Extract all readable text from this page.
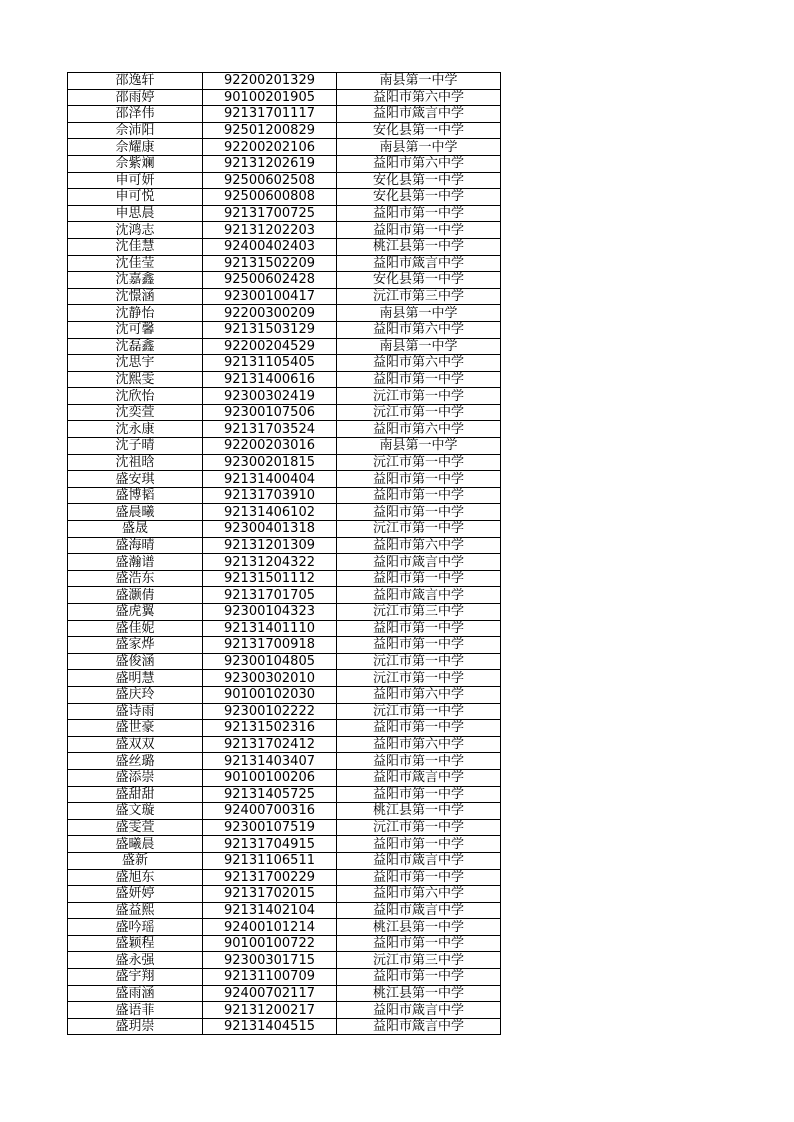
邵逸轩	92200201329	南县第一中学
邵雨婷	90100201905	益阳市第六中学
邵泽伟	92131701117	益阳市箴言中学
佘沛阳	92501200829	安化县第一中学
佘耀康	92200202106	南县第一中学
佘紫斓	92131202619	益阳市第六中学
申可妍	92500602508	安化县第一中学
申可悦	92500600808	安化县第一中学
申思晨	92131700725	益阳市第一中学
沈鸿志	92131202203	益阳市第一中学
沈佳慧	92400402403	桃江县第一中学
沈佳莹	92131502209	益阳市箴言中学
沈嘉鑫	92500602428	安化县第一中学
沈憬涵	92300100417	沅江市第三中学
沈静怡	92200300209	南县第一中学
沈可馨	92131503129	益阳市第六中学
沈磊鑫	92200204529	南县第一中学
沈思宇	92131105405	益阳市第六中学
沈熙雯	92131400616	益阳市第一中学
沈欣怡	92300302419	沅江市第一中学
沈奕萱	92300107506	沅江市第一中学
沈永康	92131703524	益阳市第六中学
沈子晴	92200203016	南县第一中学
沈祖晗	92300201815	沅江市第一中学
盛安琪	92131400404	益阳市第一中学
盛博韬	92131703910	益阳市第一中学
盛晨曦	92131406102	益阳市第一中学
盛晟	92300401318	沅江市第一中学
盛海晴	92131201309	益阳市第六中学
盛瀚谱	92131204322	益阳市箴言中学
盛浩东	92131501112	益阳市第一中学
盛灏倩	92131701705	益阳市箴言中学
盛虎翼	92300104323	沅江市第三中学
盛佳妮	92131401110	益阳市第一中学
盛家烨	92131700918	益阳市第一中学
盛俊涵	92300104805	沅江市第一中学
盛明慧	92300302010	沅江市第一中学
盛庆玲	90100102030	益阳市第六中学
盛诗雨	92300102222	沅江市第一中学
盛世豪	92131502316	益阳市第一中学
盛双双	92131702412	益阳市第六中学
盛丝璐	92131403407	益阳市第一中学
盛添崇	90100100206	益阳市箴言中学
盛甜甜	92131405725	益阳市第一中学
盛文璇	92400700316	桃江县第一中学
盛雯萱	92300107519	沅江市第一中学
盛曦晨	92131704915	益阳市第一中学
盛新	92131106511	益阳市箴言中学
盛旭东	92131700229	益阳市第一中学
盛妍婷	92131702015	益阳市第六中学
盛益熙	92131402104	益阳市箴言中学
盛吟瑶	92400101214	桃江县第一中学
盛颖程	90100100722	益阳市第一中学
盛永强	92300301715	沅江市第三中学
盛宇翔	92131100709	益阳市第一中学
盛雨涵	92400702117	桃江县第一中学
盛语菲	92131200217	益阳市箴言中学
盛玥崇	92131404515	益阳市箴言中学
